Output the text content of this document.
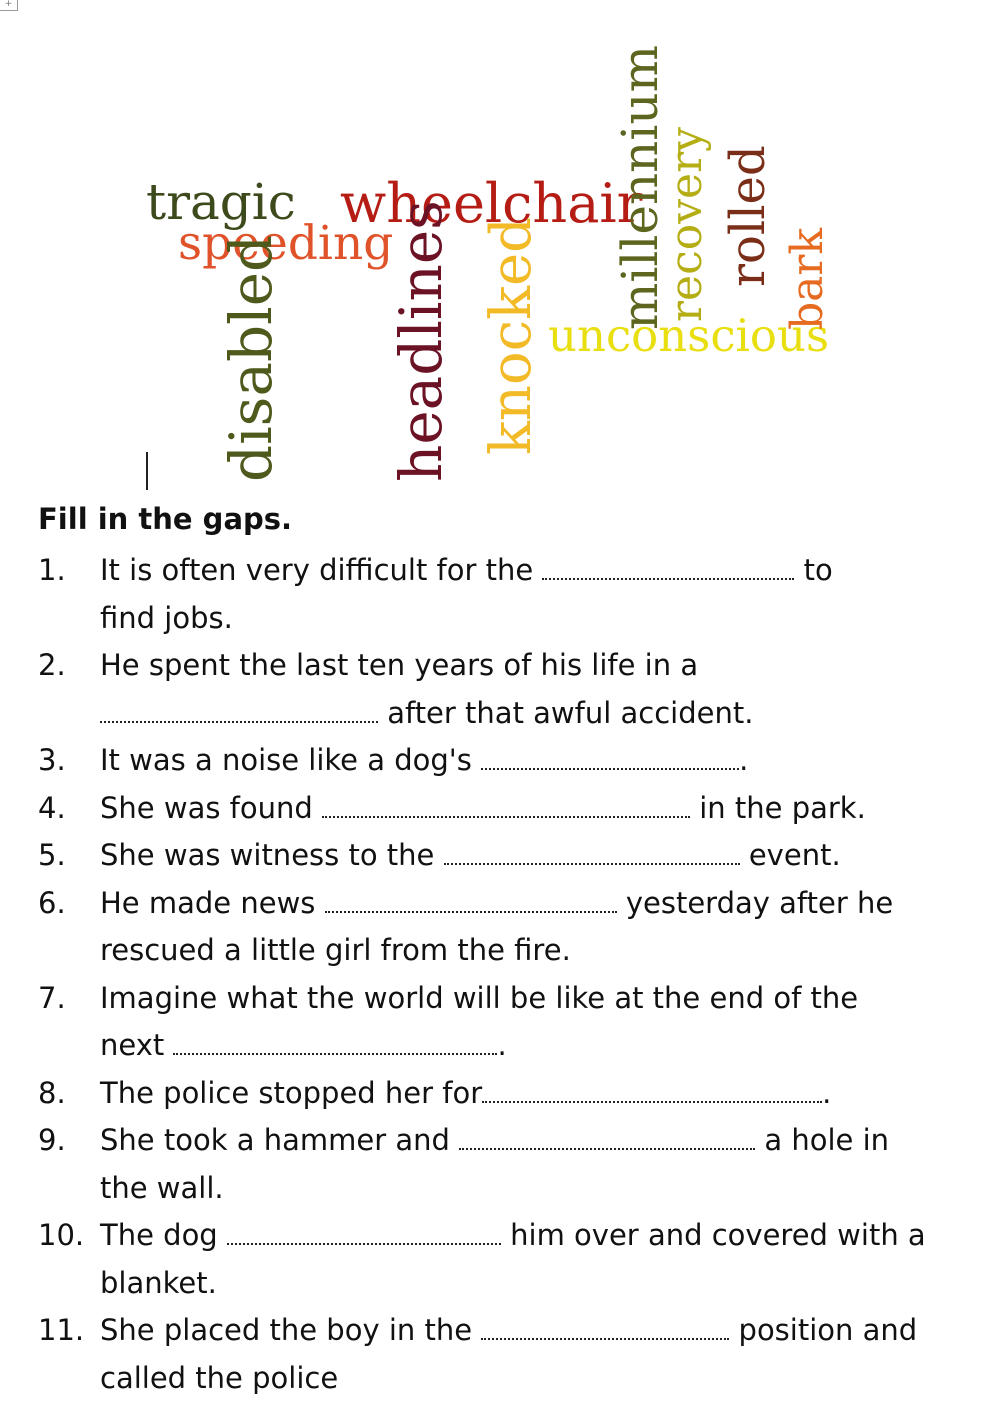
+
tragic wheelchair
speeding
disabled headlines knocked unconscious
millennium
recovery rolled bark
Fill in the gaps.
1.	It is often very difficult for the	to
find jobs.
2.	He spent the last ten years of his life in a
after that awful accident.
3.	It was a noise like a dog's	.
4.	She was found	in the park.
5.	She was witness to the	event.
6.	He made news	yesterday after he
rescued a little girl from the fire.
7.	Imagine what the world will be like at the end of the
next	.
8.	The police stopped her for	.
9.	She took a hammer and	a hole in
the wall.
10. The dog	him over and covered with a
blanket.
11. She placed the boy in the	position and
called the police
